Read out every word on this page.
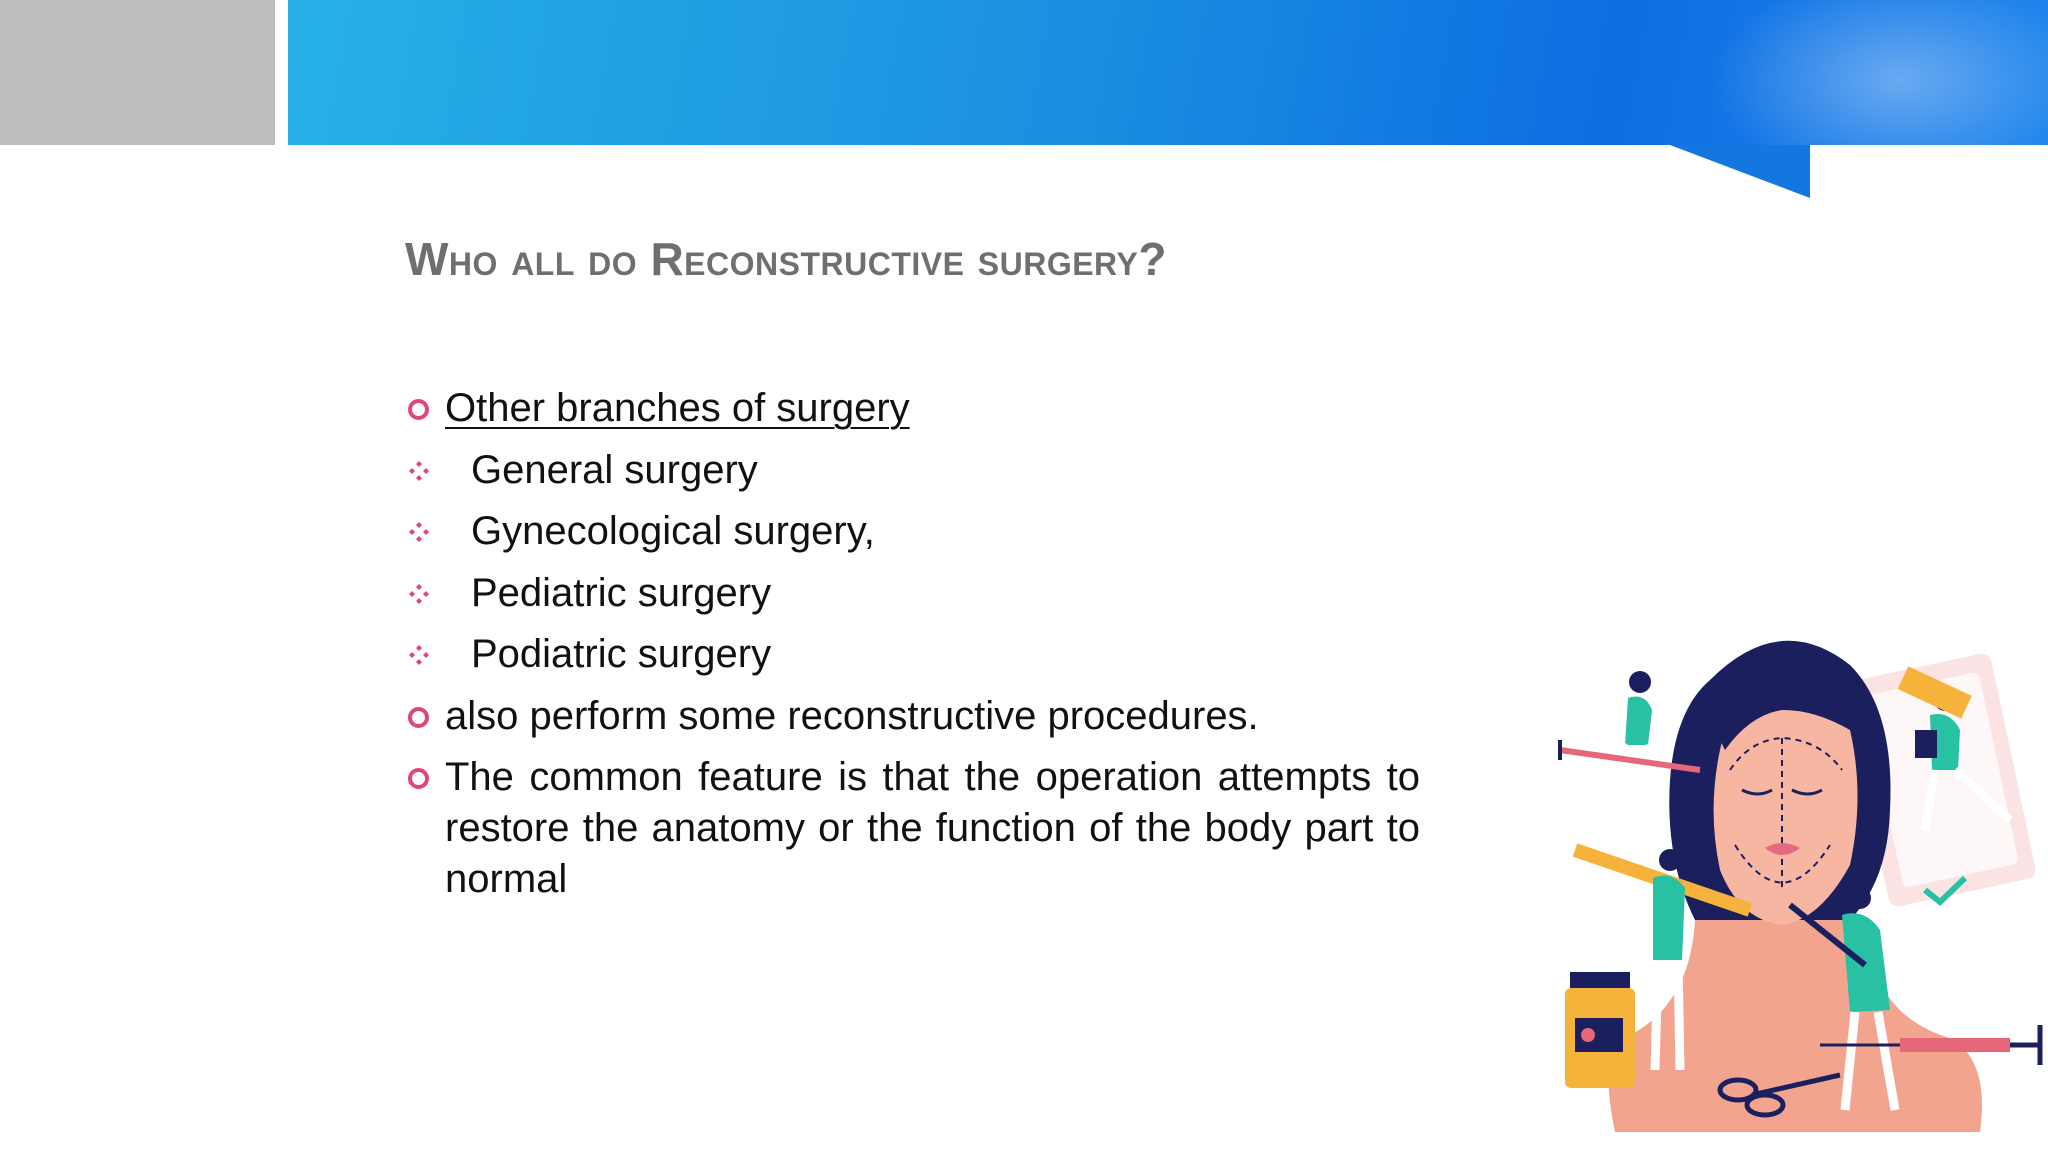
Who all do Reconstructive surgery?
Other branches of surgery
General surgery
Gynecological surgery,
Pediatric surgery
Podiatric surgery
also perform some reconstructive procedures.
The common feature is that the operation attempts to restore the anatomy or the function of the body part to normal
